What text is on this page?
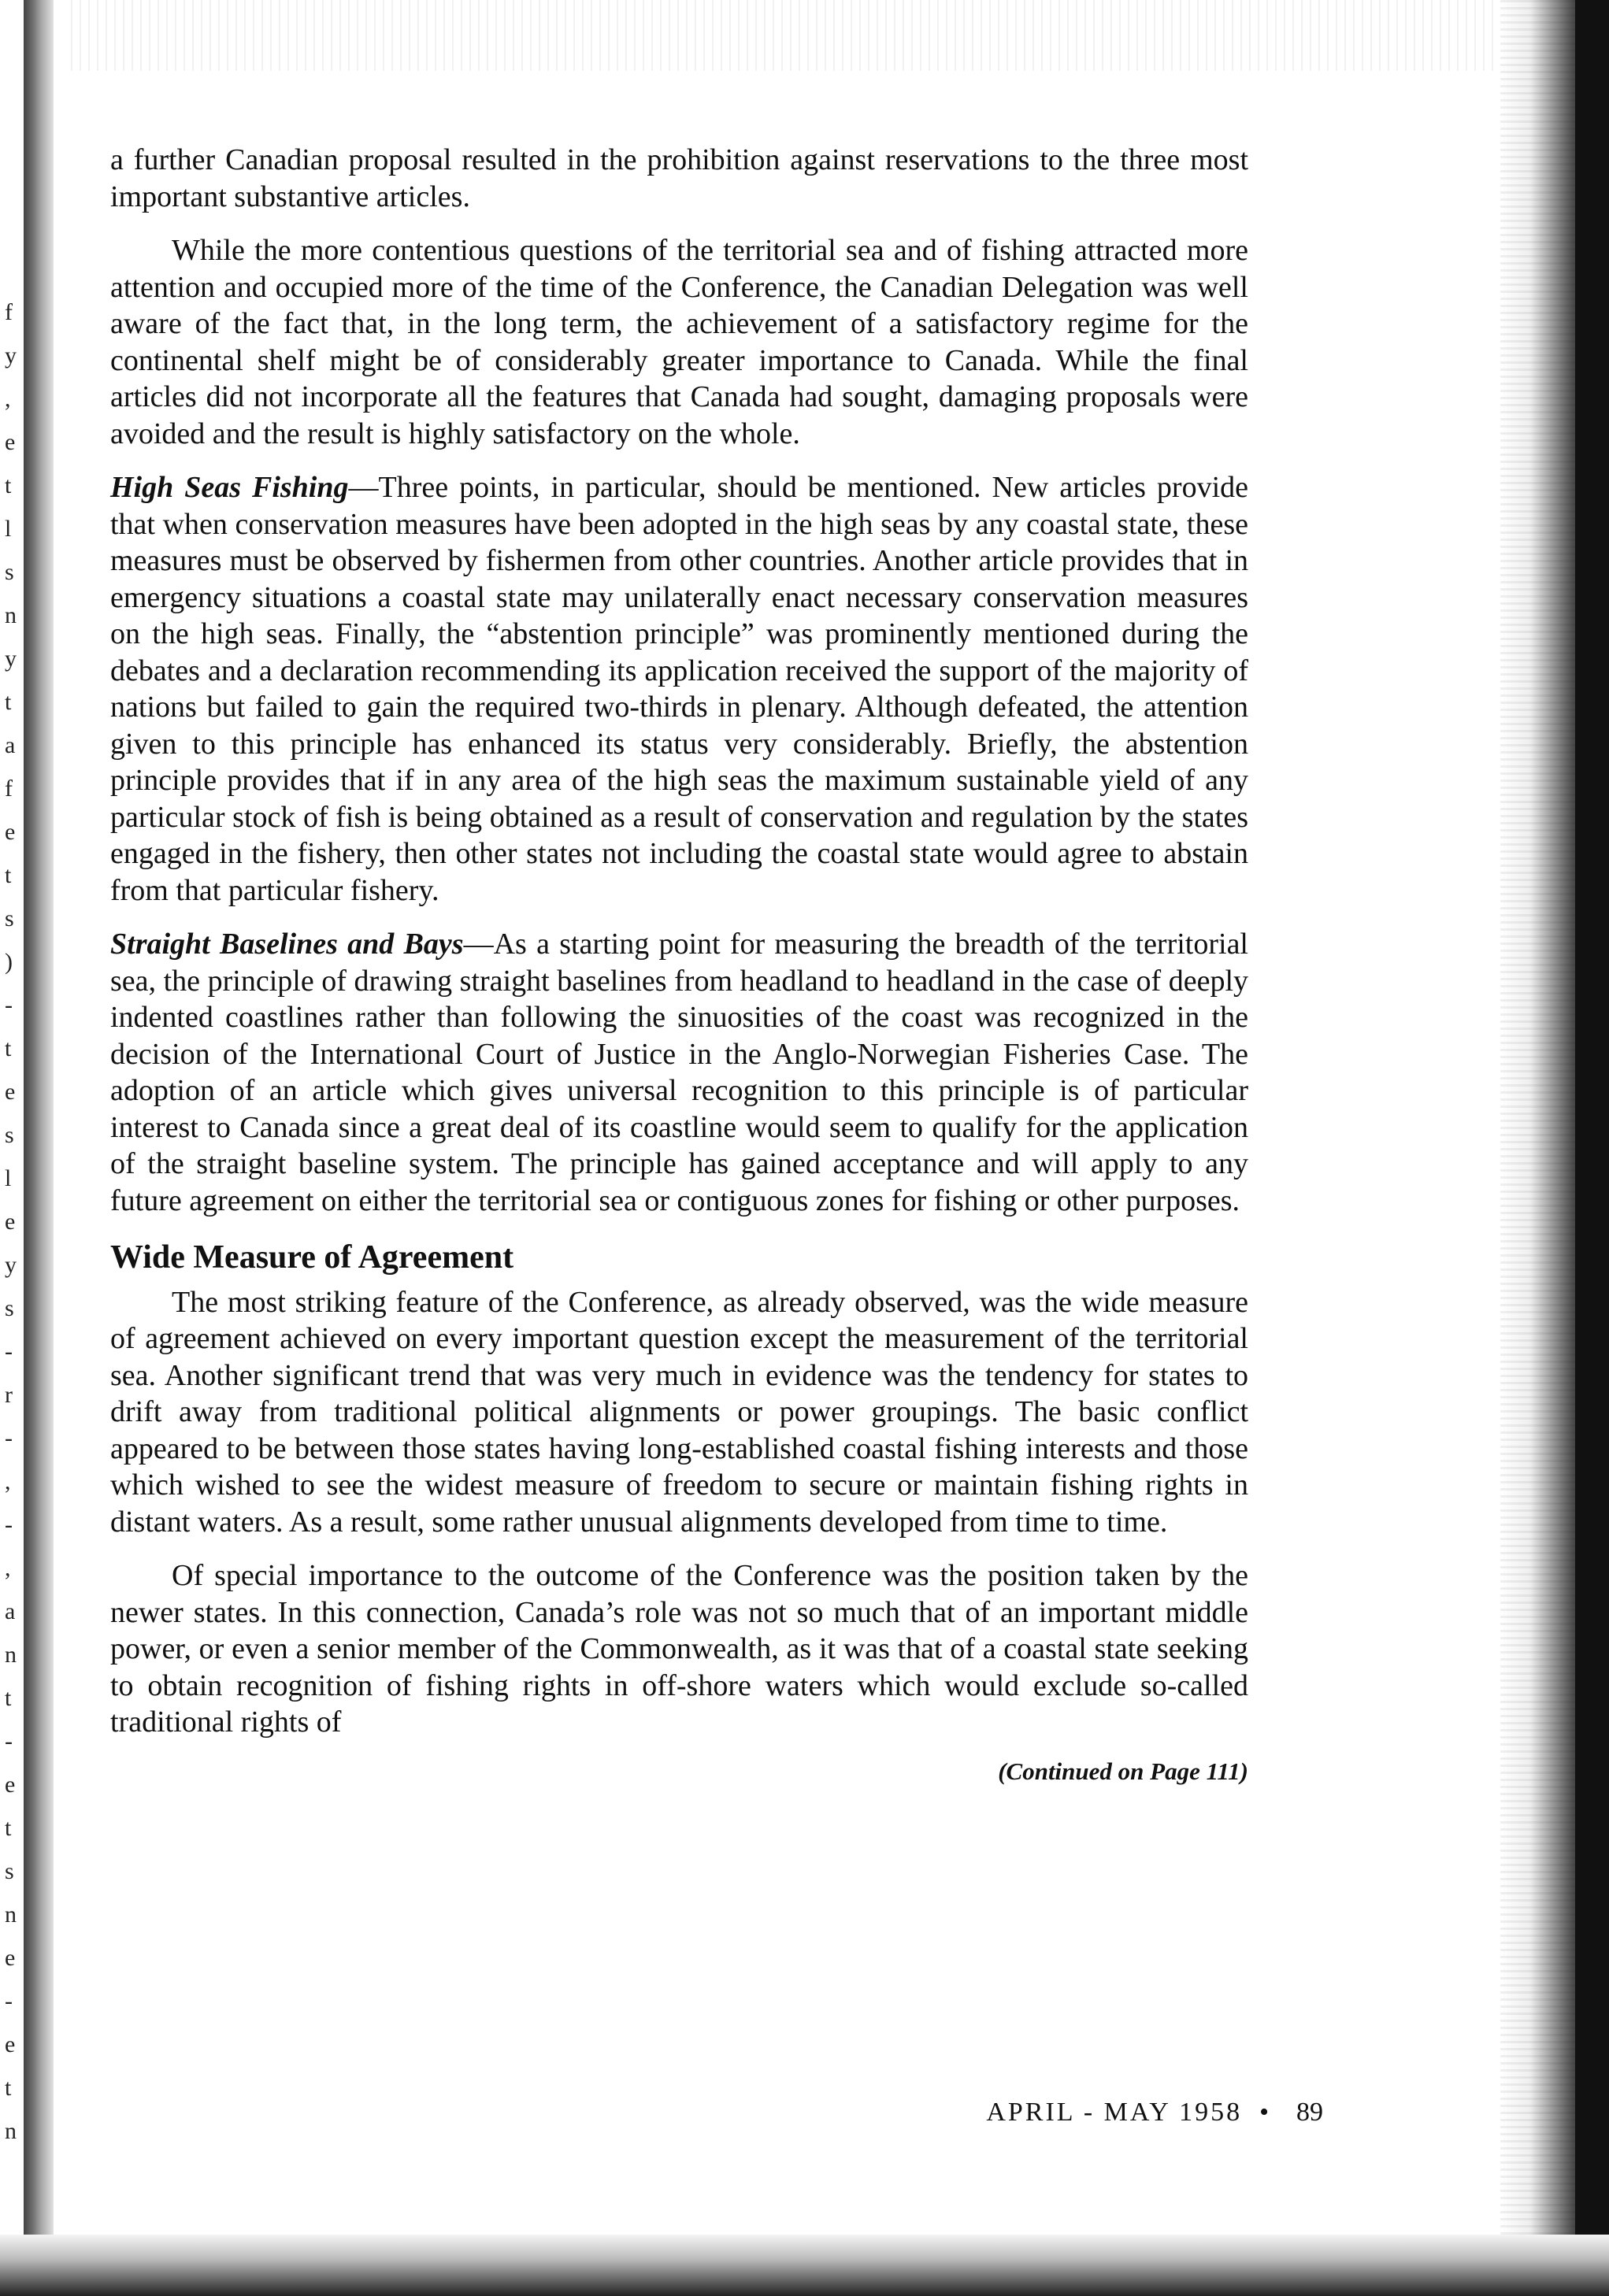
f
y
,
e
t
l
s
n
y
t
a
f
e
t
s
)
-
t
e
s
l
e
y
s
-
r
-
,
-
,
a
n
t
-
e
t
s
n
e
-
e
t
n

a further Canadian proposal resulted in the prohibition against reservations to the three most important substantive articles.

While the more contentious questions of the territorial sea and of fishing attracted more attention and occupied more of the time of the Conference, the Canadian Delegation was well aware of the fact that, in the long term, the achievement of a satisfactory regime for the continental shelf might be of considerably greater importance to Canada. While the final articles did not incorporate all the features that Canada had sought, damaging proposals were avoided and the result is highly satisfactory on the whole.

High Seas Fishing—Three points, in particular, should be mentioned. New articles provide that when conservation measures have been adopted in the high seas by any coastal state, these measures must be observed by fishermen from other countries. Another article provides that in emergency situations a coastal state may unilaterally enact necessary conservation measures on the high seas. Finally, the “abstention principle” was prominently mentioned during the debates and a declaration recommending its application received the support of the majority of nations but failed to gain the required two-thirds in plenary. Although defeated, the attention given to this principle has enhanced its status very considerably. Briefly, the abstention principle provides that if in any area of the high seas the maximum sustainable yield of any particular stock of fish is being obtained as a result of conservation and regulation by the states engaged in the fishery, then other states not including the coastal state would agree to abstain from that particular fishery.

Straight Baselines and Bays—As a starting point for measuring the breadth of the territorial sea, the principle of drawing straight baselines from headland to headland in the case of deeply indented coastlines rather than following the sinuosities of the coast was recognized in the decision of the International Court of Justice in the Anglo-Norwegian Fisheries Case. The adoption of an article which gives universal recognition to this principle is of particular interest to Canada since a great deal of its coastline would seem to qualify for the application of the straight baseline system. The principle has gained acceptance and will apply to any future agreement on either the territorial sea or contiguous zones for fishing or other purposes.

Wide Measure of Agreement

The most striking feature of the Conference, as already observed, was the wide measure of agreement achieved on every important question except the measurement of the territorial sea. Another significant trend that was very much in evidence was the tendency for states to drift away from traditional political alignments or power groupings. The basic conflict appeared to be between those states having long-established coastal fishing interests and those which wished to see the widest measure of freedom to secure or maintain fishing rights in distant waters. As a result, some rather unusual alignments developed from time to time.

Of special importance to the outcome of the Conference was the position taken by the newer states. In this connection, Canada’s role was not so much that of an important middle power, or even a senior member of the Commonwealth, as it was that of a coastal state seeking to obtain recognition of fishing rights in off-shore waters which would exclude so-called traditional rights of

(Continued on Page 111)
APRIL - MAY 1958 • 89
